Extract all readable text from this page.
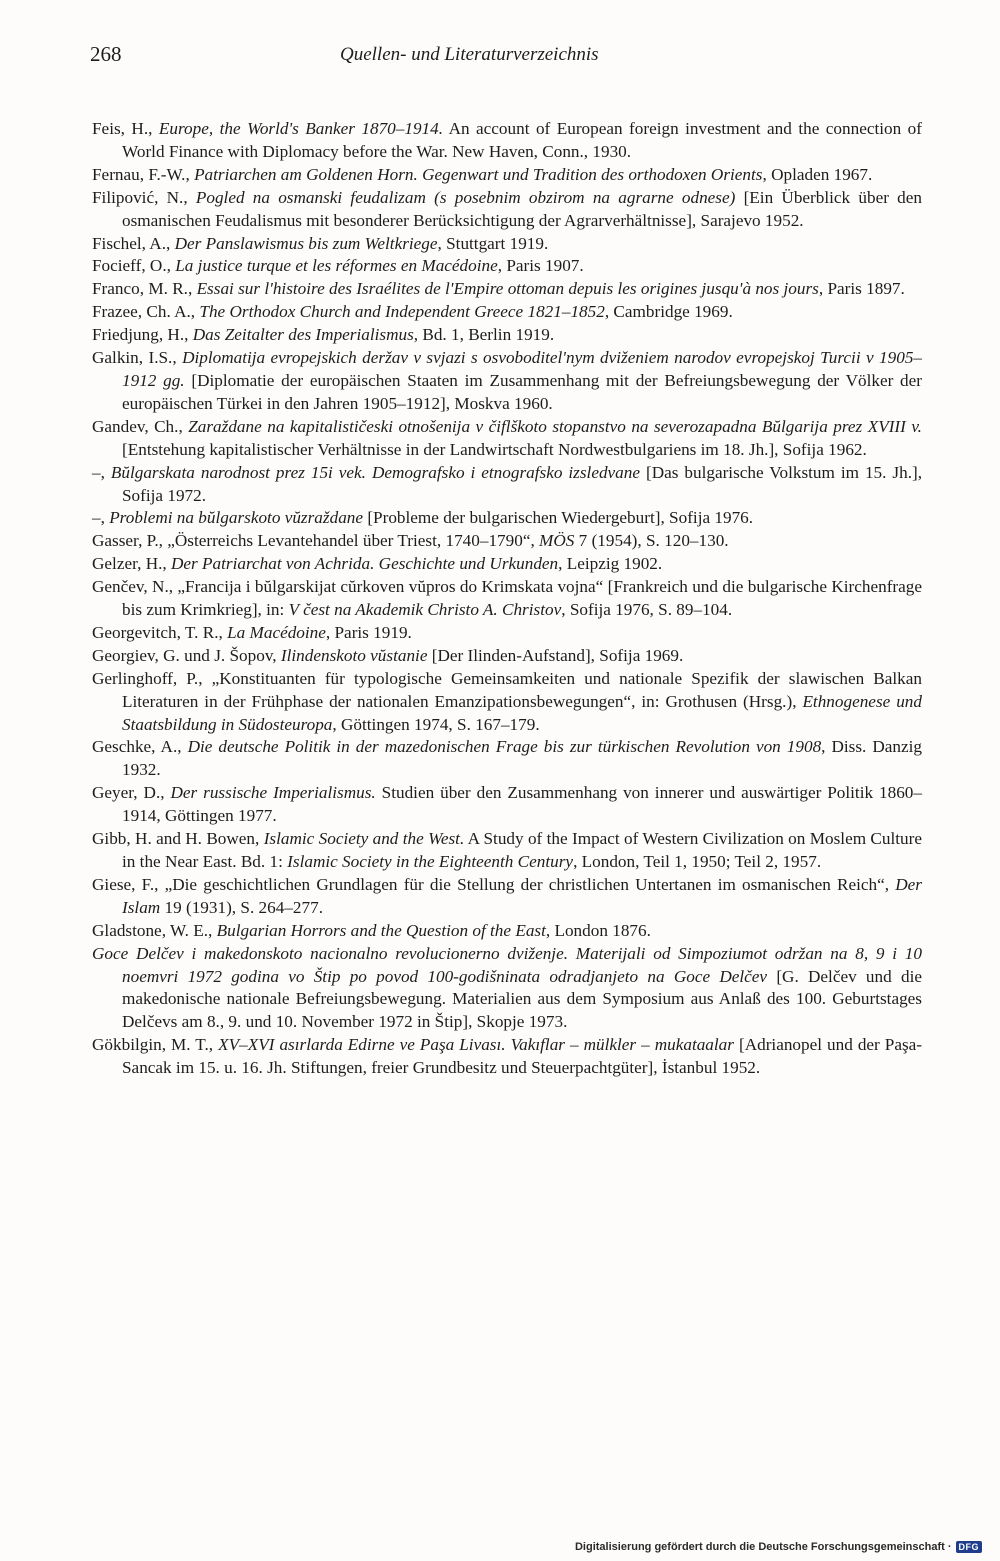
268	Quellen- und Literaturverzeichnis
Feis, H., Europe, the World's Banker 1870–1914. An account of European foreign investment and the connection of World Finance with Diplomacy before the War. New Haven, Conn., 1930.
Fernau, F.-W., Patriarchen am Goldenen Horn. Gegenwart und Tradition des orthodoxen Orients, Opladen 1967.
Filipović, N., Pogled na osmanski feudalizam (s posebnim obzirom na agrarne odnese) [Ein Überblick über den osmanischen Feudalismus mit besonderer Berücksichtigung der Agrarverhältnisse], Sarajevo 1952.
Fischel, A., Der Panslawismus bis zum Weltkriege, Stuttgart 1919.
Focieff, O., La justice turque et les réformes en Macédoine, Paris 1907.
Franco, M. R., Essai sur l'histoire des Israélites de l'Empire ottoman depuis les origines jusqu'à nos jours, Paris 1897.
Frazee, Ch. A., The Orthodox Church and Independent Greece 1821–1852, Cambridge 1969.
Friedjung, H., Das Zeitalter des Imperialismus, Bd. 1, Berlin 1919.
Galkin, I.S., Diplomatija evropejskich deržav v svjazi s osvoboditel'nym dviženiem narodov evropejskoj Turcii v 1905–1912 gg. [Diplomatie der europäischen Staaten im Zusammenhang mit der Befreiungsbewegung der Völker der europäischen Türkei in den Jahren 1905–1912], Moskva 1960.
Gandev, Ch., Zaraždane na kapitalističeski otnošenija v čiflškoto stopanstvo na severozapadna Bŭlgarija prez XVIII v. [Entstehung kapitalistischer Verhältnisse in der Landwirtschaft Nordwestbulgariens im 18. Jh.], Sofija 1962.
–, Bŭlgarskata narodnost prez 15i vek. Demografsko i etnografsko izsledvane [Das bulgarische Volkstum im 15. Jh.], Sofija 1972.
–, Problemi na bŭlgarskoto vŭzraždane [Probleme der bulgarischen Wiedergeburt], Sofija 1976.
Gasser, P., „Österreichs Levantehandel über Triest, 1740–1790“, MÖS 7 (1954), S. 120–130.
Gelzer, H., Der Patriarchat von Achrida. Geschichte und Urkunden, Leipzig 1902.
Genčev, N., „Francija i bŭlgarskijat cŭrkoven vŭpros do Krimskata vojna“ [Frankreich und die bulgarische Kirchenfrage bis zum Krimkrieg], in: V čest na Akademik Christo A. Christov, Sofija 1976, S. 89–104.
Georgevitch, T. R., La Macédoine, Paris 1919.
Georgiev, G. und J. Šopov, Ilindenskoto vŭstanie [Der Ilinden-Aufstand], Sofija 1969.
Gerlinghoff, P., „Konstituanten für typologische Gemeinsamkeiten und nationale Spezifik der slawischen Balkan Literaturen in der Frühphase der nationalen Emanzipationsbewegungen“, in: Grothusen (Hrsg.), Ethnogenese und Staatsbildung in Südosteuropa, Göttingen 1974, S. 167–179.
Geschke, A., Die deutsche Politik in der mazedonischen Frage bis zur türkischen Revolution von 1908, Diss. Danzig 1932.
Geyer, D., Der russische Imperialismus. Studien über den Zusammenhang von innerer und auswärtiger Politik 1860–1914, Göttingen 1977.
Gibb, H. and H. Bowen, Islamic Society and the West. A Study of the Impact of Western Civilization on Moslem Culture in the Near East. Bd. 1: Islamic Society in the Eighteenth Century, London, Teil 1, 1950; Teil 2, 1957.
Giese, F., „Die geschichtlichen Grundlagen für die Stellung der christlichen Untertanen im osmanischen Reich“, Der Islam 19 (1931), S. 264–277.
Gladstone, W. E., Bulgarian Horrors and the Question of the East, London 1876.
Goce Delčev i makedonskoto nacionalno revolucionerno dviženje. Materijali od Simpoziumot održan na 8, 9 i 10 noemvri 1972 godina vo Štip po povod 100-godišninata odradjanjeto na Goce Delčev [G. Delčev und die makedonische nationale Befreiungsbewegung. Materialien aus dem Symposium aus Anlaß des 100. Geburtstages Delčevs am 8., 9. und 10. November 1972 in Štip], Skopje 1973.
Gökbilgin, M. T., XV–XVI asırlarda Edirne ve Paşa Livası. Vakıflar – mülkler – mukataalar [Adrianopel und der Paşa-Sancak im 15. u. 16. Jh. Stiftungen, freier Grundbesitz und Steuerpachtgüter], İstanbul 1952.
Digitalisierung gefördert durch die Deutsche Forschungsgemeinschaft · DFG
